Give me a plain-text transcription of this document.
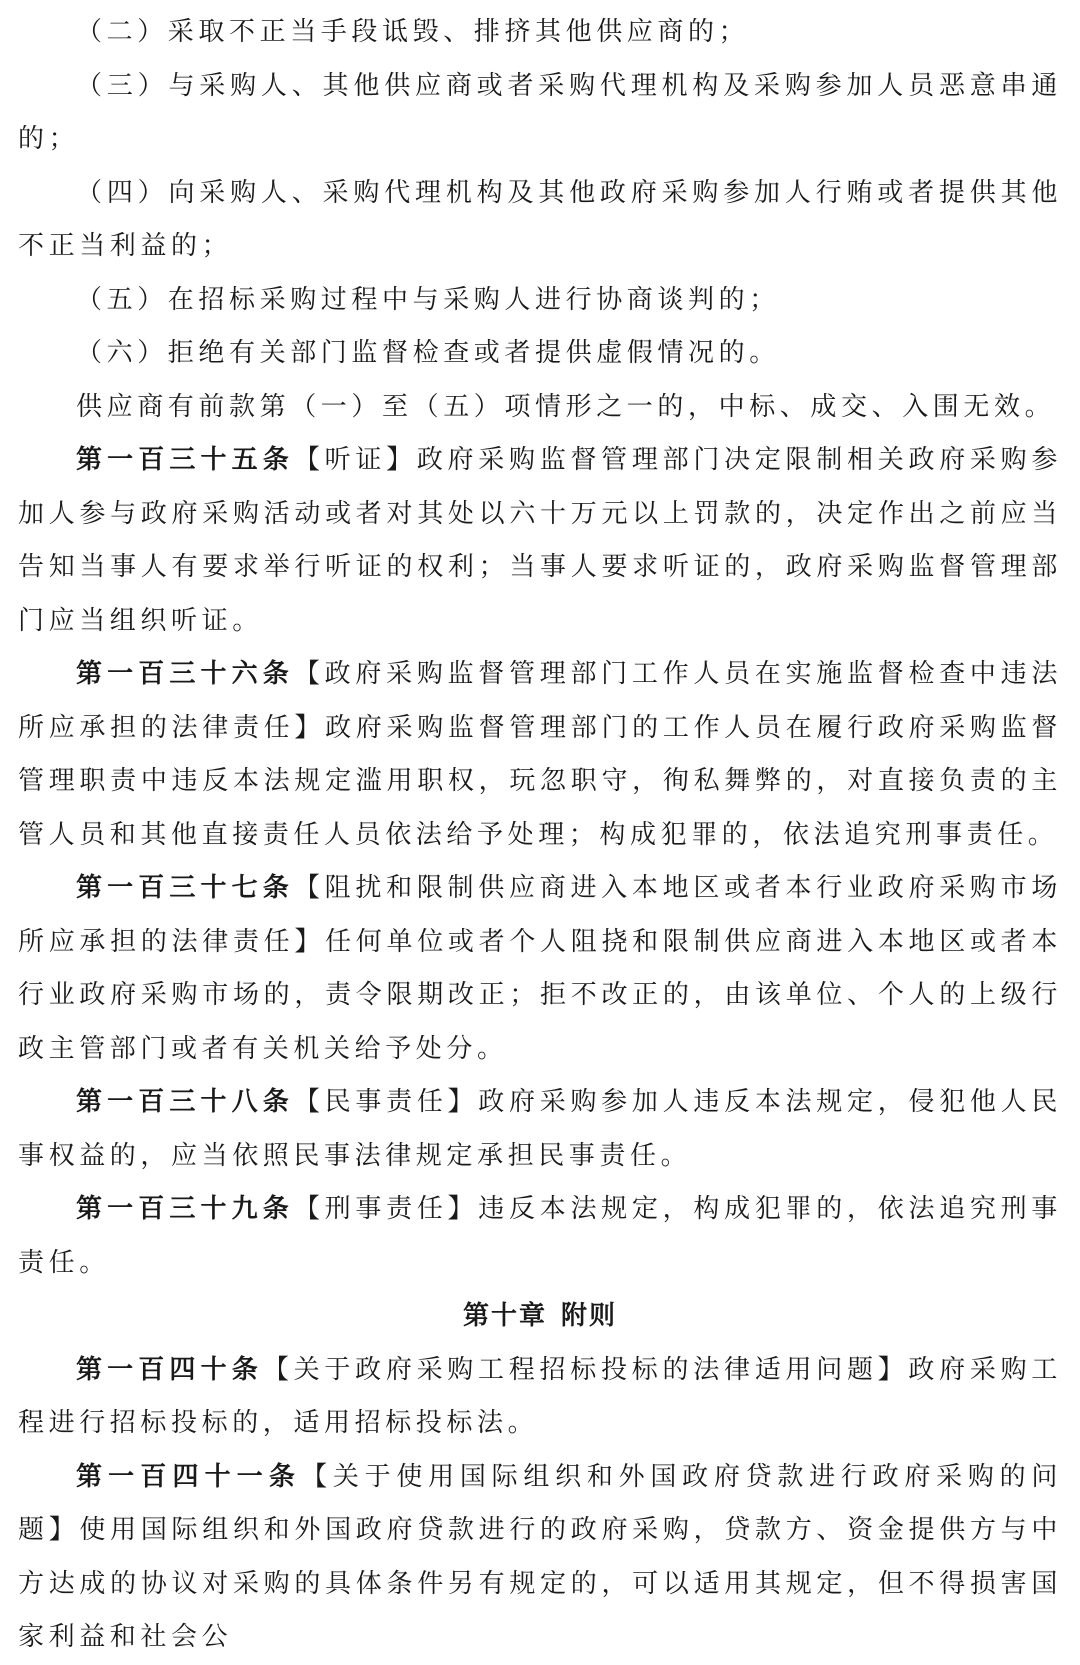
（二）采取不正当手段诋毁、排挤其他供应商的；

（三）与采购人、其他供应商或者采购代理机构及采购参加人员恶意串通的；

（四）向采购人、采购代理机构及其他政府采购参加人行贿或者提供其他不正当利益的；

（五）在招标采购过程中与采购人进行协商谈判的；

（六）拒绝有关部门监督检查或者提供虚假情况的。

供应商有前款第（一）至（五）项情形之一的，中标、成交、入围无效。

第一百三十五条【听证】政府采购监督管理部门决定限制相关政府采购参加人参与政府采购活动或者对其处以六十万元以上罚款的，决定作出之前应当告知当事人有要求举行听证的权利；当事人要求听证的，政府采购监督管理部门应当组织听证。

第一百三十六条【政府采购监督管理部门工作人员在实施监督检查中违法所应承担的法律责任】政府采购监督管理部门的工作人员在履行政府采购监督管理职责中违反本法规定滥用职权，玩忽职守，徇私舞弊的，对直接负责的主管人员和其他直接责任人员依法给予处理；构成犯罪的，依法追究刑事责任。

第一百三十七条【阻扰和限制供应商进入本地区或者本行业政府采购市场所应承担的法律责任】任何单位或者个人阻挠和限制供应商进入本地区或者本行业政府采购市场的，责令限期改正；拒不改正的，由该单位、个人的上级行政主管部门或者有关机关给予处分。

第一百三十八条【民事责任】政府采购参加人违反本法规定，侵犯他人民事权益的，应当依照民事法律规定承担民事责任。

第一百三十九条【刑事责任】违反本法规定，构成犯罪的，依法追究刑事责任。

第十章 附则

第一百四十条【关于政府采购工程招标投标的法律适用问题】政府采购工程进行招标投标的，适用招标投标法。

第一百四十一条【关于使用国际组织和外国政府贷款进行政府采购的问题】使用国际组织和外国政府贷款进行的政府采购，贷款方、资金提供方与中方达成的协议对采购的具体条件另有规定的，可以适用其规定，但不得损害国家利益和社会公
